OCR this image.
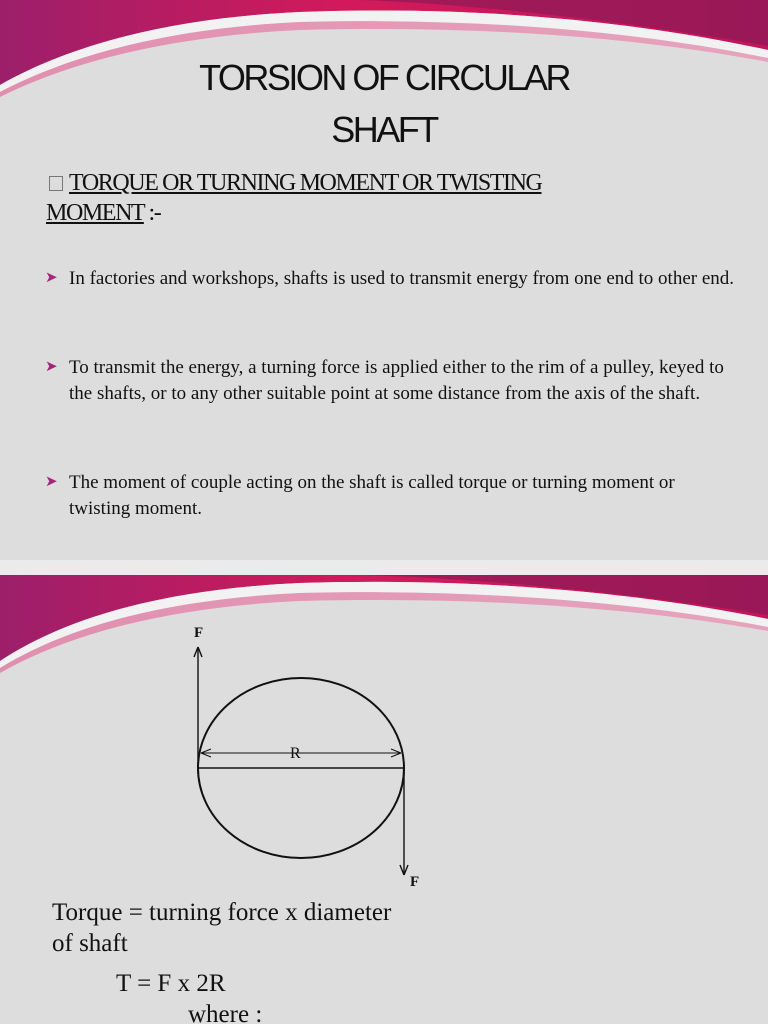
TORSION OF CIRCULAR
SHAFT
TORQUE OR TURNING MOMENT OR TWISTING
MOMENT :-
➤ In factories and workshops, shafts is used to transmit energy from one end to other end.
➤ To transmit the energy, a turning force is applied either to the rim of a pulley, keyed to the shafts, or to any other suitable point at some distance from the axis of the shaft.
➤ The moment of couple acting on the shaft is called torque or turning moment or twisting moment.
F
R
F

Torque = turning force x diameter

of shaft

T = F x 2R

where :
